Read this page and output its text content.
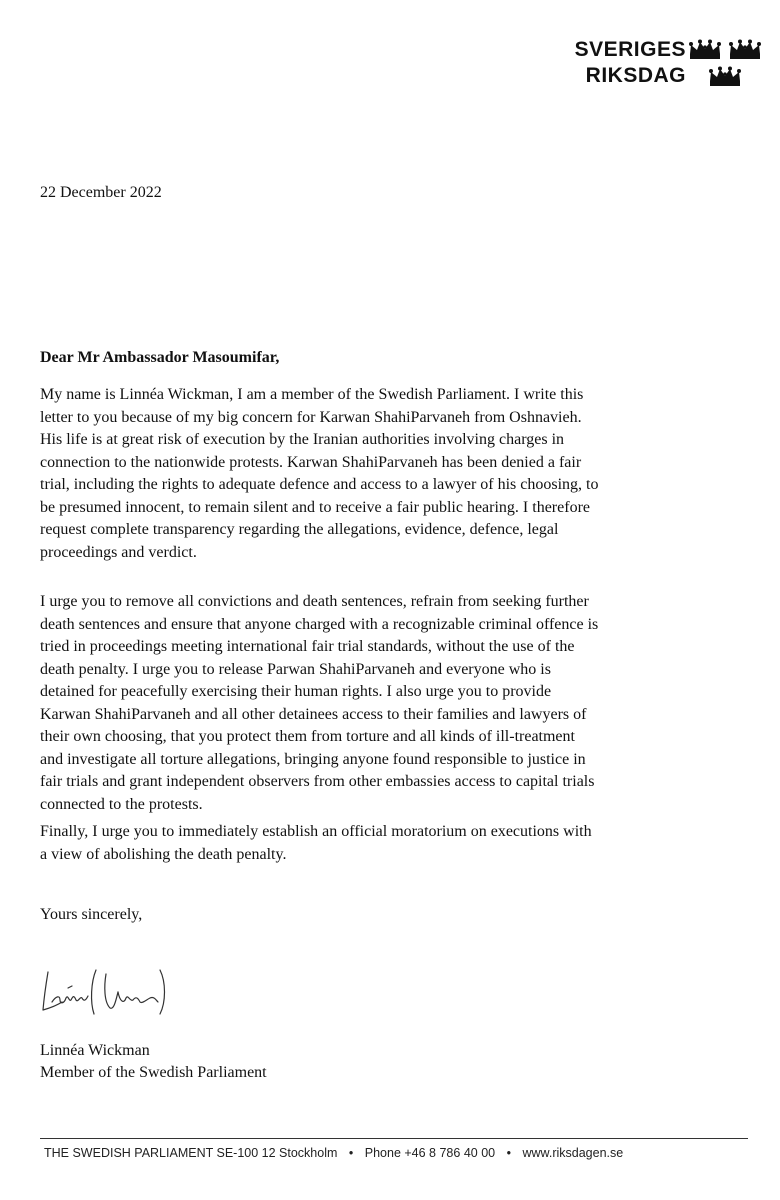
SVERIGES
RIKSDAG
22 December 2022
Dear Mr Ambassador Masoumifar,

My name is Linnéa Wickman, I am a member of the Swedish Parliament. I write this letter to you because of my big concern for Karwan ShahiParvaneh from Oshnavieh. His life is at great risk of execution by the Iranian authorities involving charges in connection to the nationwide protests. Karwan ShahiParvaneh has been denied a fair trial, including the rights to adequate defence and access to a lawyer of his choosing, to be presumed innocent, to remain silent and to receive a fair public hearing. I therefore request complete transparency regarding the allegations, evidence, defence, legal proceedings and verdict.

I urge you to remove all convictions and death sentences, refrain from seeking further death sentences and ensure that anyone charged with a recognizable criminal offence is tried in proceedings meeting international fair trial standards, without the use of the death penalty. I urge you to release Parwan ShahiParvaneh and everyone who is detained for peacefully exercising their human rights. I also urge you to provide Karwan ShahiParvaneh and all other detainees access to their families and lawyers of their own choosing, that you protect them from torture and all kinds of ill-treatment and investigate all torture allegations, bringing anyone found responsible to justice in fair trials and grant independent observers from other embassies access to capital trials connected to the protests.

Finally, I urge you to immediately establish an official moratorium on executions with a view of abolishing the death penalty.

Yours sincerely,
Linnéa Wickman
Member of the Swedish Parliament
THE SWEDISH PARLIAMENT SE-100 12 Stockholm • Phone +46 8 786 40 00 • www.riksdagen.se
